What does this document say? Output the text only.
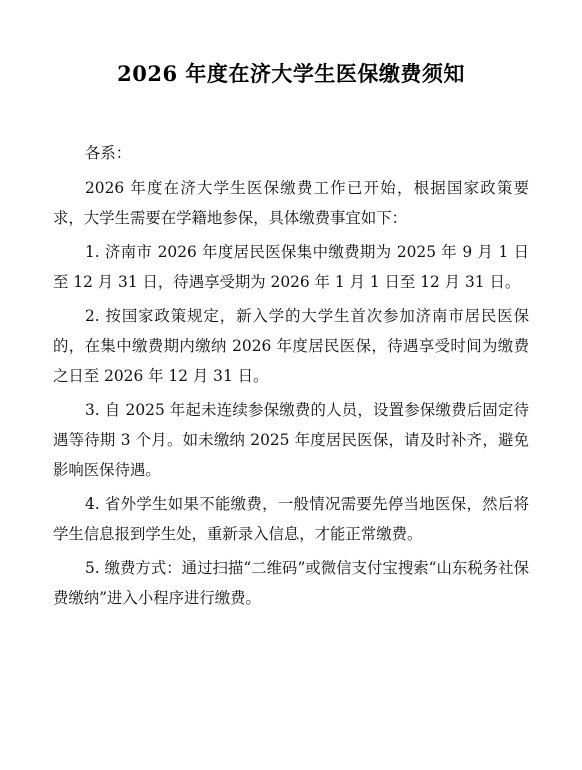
2026 年度在济大学生医保缴费须知

各系：

2026 年度在济大学生医保缴费工作已开始，根据国家政策要求，大学生需要在学籍地参保，具体缴费事宜如下：

1. 济南市 2026 年度居民医保集中缴费期为 2025 年 9 月 1 日至 12 月 31 日，待遇享受期为 2026 年 1 月 1 日至 12 月 31 日。

2. 按国家政策规定，新入学的大学生首次参加济南市居民医保的，在集中缴费期内缴纳 2026 年度居民医保，待遇享受时间为缴费之日至 2026 年 12 月 31 日。

3. 自 2025 年起未连续参保缴费的人员，设置参保缴费后固定待遇等待期 3 个月。如未缴纳 2025 年度居民医保，请及时补齐，避免影响医保待遇。

4. 省外学生如果不能缴费，一般情况需要先停当地医保，然后将学生信息报到学生处，重新录入信息，才能正常缴费。

5. 缴费方式：通过扫描“二维码”或微信支付宝搜索“山东税务社保费缴纳”进入小程序进行缴费。
